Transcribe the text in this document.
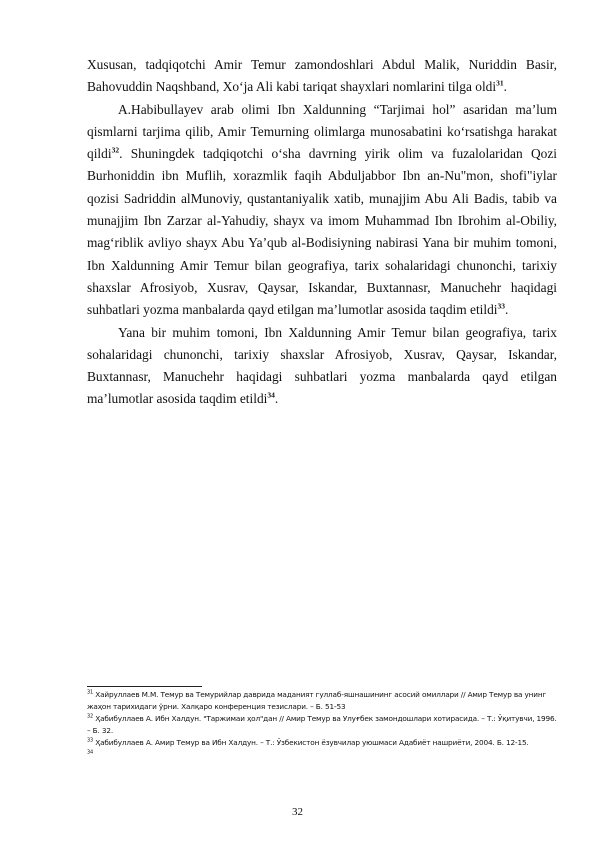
Xususan, tadqiqotchi Amir Temur zamondoshlari Abdul Malik, Nuriddin Basir, Bahovuddin Naqshband, Xo‘ja Ali kabi tariqat shayxlari nomlarini tilga oldi$^{31}$.

A.Habibullayev arab olimi Ibn Xaldunning “Tarjimai hol” asaridan ma’lum qismlarni tarjima qilib, Amir Temurning olimlarga munosabatini ko‘rsatishga harakat qildi$^{32}$. Shuningdek tadqiqotchi o‘sha davrning yirik olim va fuzalolaridan Qozi Burhoniddin ibn Muflih, xorazmlik faqih Abduljabbor Ibn an-Nu"mon, shofi"iylar qozisi Sadriddin alMunoviy, qustantaniyalik xatib, munajjim Abu Ali Badis, tabib va munajjim Ibn Zarzar al-Yahudiy, shayx va imom Muhammad Ibn Ibrohim al-Obiliy, mag‘riblik avliyo shayx Abu Ya’qub al-Bodisiyning nabirasi Yana bir muhim tomoni, Ibn Xaldunning Amir Temur bilan geografiya, tarix sohalaridagi chunonchi, tarixiy shaxslar Afrosiyob, Xusrav, Qaysar, Iskandar, Buxtannasr, Manuchehr haqidagi suhbatlari yozma manbalarda qayd etilgan ma’lumotlar asosida taqdim etildi$^{33}$.

Yana bir muhim tomoni, Ibn Xaldunning Amir Temur bilan geografiya, tarix sohalaridagi chunonchi, tarixiy shaxslar Afrosiyob, Xusrav, Qaysar, Iskandar, Buxtannasr, Manuchehr haqidagi suhbatlari yozma manbalarda qayd etilgan ma’lumotlar asosida taqdim etildi$^{34}$.

$^{31}$ Хайруллаев М.М. Темур ва Темурийлар даврида маданият гуллаб-яшнашининг асосий омиллари // Амир Темур ва унинг жаҳон тарихидаги ўрни. Халқаро конференция тезислари. – Б. 51-53
$^{32}$ Ҳабибуллаев А. Ибн Халдун. "Таржимаи ҳол"дан // Амир Темур ва Улуғбек замондошлари хотирасида. – Т.: Ўқитувчи, 1996. – Б. 32.
$^{33}$ Ҳабибуллаев А. Амир Темур ва Ибн Халдун. – Т.: Ўзбекистон ёзувчилар уюшмаси Адабиёт нашриёти, 2004. Б. 12-15.
$^{34}$
32
